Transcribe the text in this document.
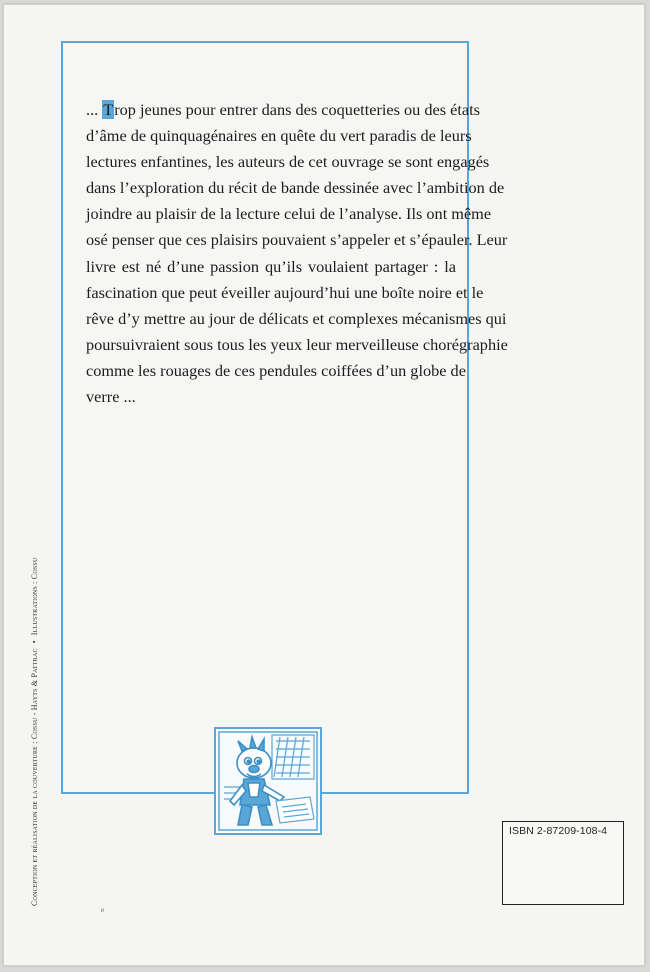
... Trop jeunes pour entrer dans des coquetteries ou des états
d’âme de quinquagénaires en quête du vert paradis de leurs
lectures enfantines, les auteurs de cet ouvrage se sont engagés
dans l’exploration du récit de bande dessinée avec l’ambition de
joindre au plaisir de la lecture celui de l’analyse. Ils ont même
osé penser que ces plaisirs pouvaient s’appeler et s’épauler. Leur
livre est né d’une passion qu’ils voulaient partager : la
fascination que peut éveiller aujourd’hui une boîte noire et le
rêve d’y mettre au jour de délicats et complexes mécanismes qui
poursuivraient sous tous les yeux leur merveilleuse chorégraphie
comme les rouages de ces pendules coiffées d’un globe de
verre ...
ISBN 2-87209-108-4
Conception et réalisation de la couverture : Cossu - Hayts & Pattrac•Illustrations : Cossu
e
